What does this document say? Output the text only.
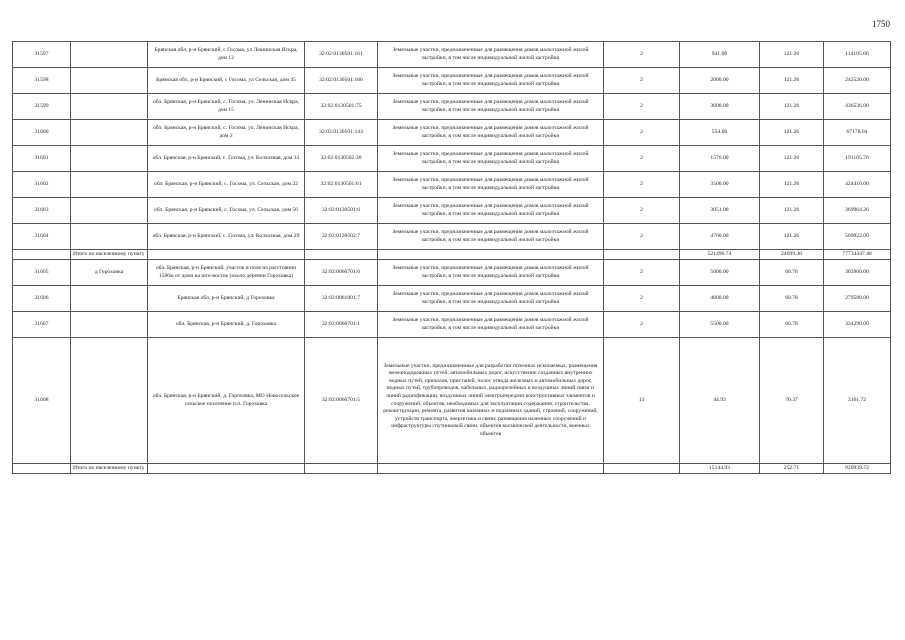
1750
31597		Брянская обл, р-н Брянский, с Госома, ул Лешинская Искра, дом 12	32:02:0130501:161	Земельные участки, предназначенные для размещения домов малоэтажной жилой застройки, в том числе индивидуальной жилой застройки	2	941.00	121.26	114105.66
31598		Брянская обл, р-н Брянский, с Госома, ул Сельская, дом 45	32:02:0130501:166	Земельные участки, предназначенные для размещения домов малоэтажной жилой застройки, в том числе индивидуальной жилой застройки	2	2000.00	121.26	242520.00
31599		обл. Брянская, р-н Брянский, с. Госома, ул. Ленинская Искра, дом 15	32:02:0130501:75	Земельные участки, предназначенные для размещения домов малоэтажной жилой застройки, в том числе индивидуальной жилой застройки	2	3600.00	121.26	436536.00
31600		обл. Брянская, р-н Брянский, с. Госома, ул. Ленинская Искра, дом 2	32:02:0130501:143	Земельные участки, предназначенные для размещения домов малоэтажной жилой застройки, в том числе индивидуальной жилой застройки	2	554.00	121.26	67178.04
31601		обл. Брянская, р-н Брянский, с. Госома, ул. Колхозная, дом 33	32:02:0130502:30	Земельные участки, предназначенные для размещения домов малоэтажной жилой застройки, в том числе индивидуальной жилой застройки	2	1576.00	121.26	191105.76
31602		обл. Брянская, р-н Брянский, с. Госома, ул. Сельская, дом 22	32:02:0130501:61	Земельные участки, предназначенные для размещения домов малоэтажной жилой застройки, в том числе индивидуальной жилой застройки	2	3500.00	121.26	424410.00
31603		обл. Брянская, р-н Брянский, с. Госома, ул. Сельская, дом 56	32:02:0130501:6	Земельные участки, предназначенные для размещения домов малоэтажной жилой застройки, в том числе индивидуальной жилой застройки	2	3051.00	121.26	369964.26
31604		обл. Брянская, р-н Брянский, с. Госома, ул. Колхозная, дом 29	32:02:0130502:7	Земельные участки, предназначенные для размещения домов малоэтажной жилой застройки, в том числе индивидуальной жилой застройки	2	4700.00	121.26	569922.00
	Итого по населенному пункту					521496.74	24699.30	77734447.40
31605	д Гороховка	обл. Брянская, р-н Брянский, участок в поле на расстоянии 1500м от дома на юго-восток (около деревни Гороховка)	32:02:0060701:6	Земельные участки, предназначенные для размещения домов малоэтажной жилой застройки, в том числе индивидуальной жилой застройки	2	5000.00	60.78	303900.00
31606		Брянская обл, р-н Брянский, д Гороховка	32:02:0061001:7	Земельные участки, предназначенные для размещения домов малоэтажной жилой застройки, в том числе индивидуальной жилой застройки	2	4600.00	60.78	279588.00
31607		обл. Брянская, р-н Брянский, д. Гороховка	32:02:0060701:1	Земельные участки, предназначенные для размещения домов малоэтажной жилой застройки, в том числе индивидуальной жилой застройки	2	5500.00	60.78	334290.00
31608		обл. Брянская, р-н Брянский, д. Гороховка, МО Новосельское сельское поселение н.п. Гороховка	32:02:0060701:5	Земельные участки, предназначенные для разработки полезных ископаемых, размещения железнодорожных путей, автомобильных дорог, искусственно созданных внутренних водных путей, причалов, пристаней, полос отвода железных и автомобильных дорог, водных путей, трубопроводов, кабельных, радиорелейных и воздушных линий связи и линий радиофикации, воздушных линий электропередачи конструктивных элементов и сооружений, объектов, необходимых для эксплуатации,содержания, строительства, реконструкции, ремонта, развития наземных и подземных зданий, строений, сооружений, устройств транспорта, энергетики и связи; размещения наземных сооружений и инфраструктуры спутниковой связи, объектов космической деятельности, военных объектов	13	44.93	70.37	3161.72
	Итого по населенному пункту					15144.93	252.71	920939.72
